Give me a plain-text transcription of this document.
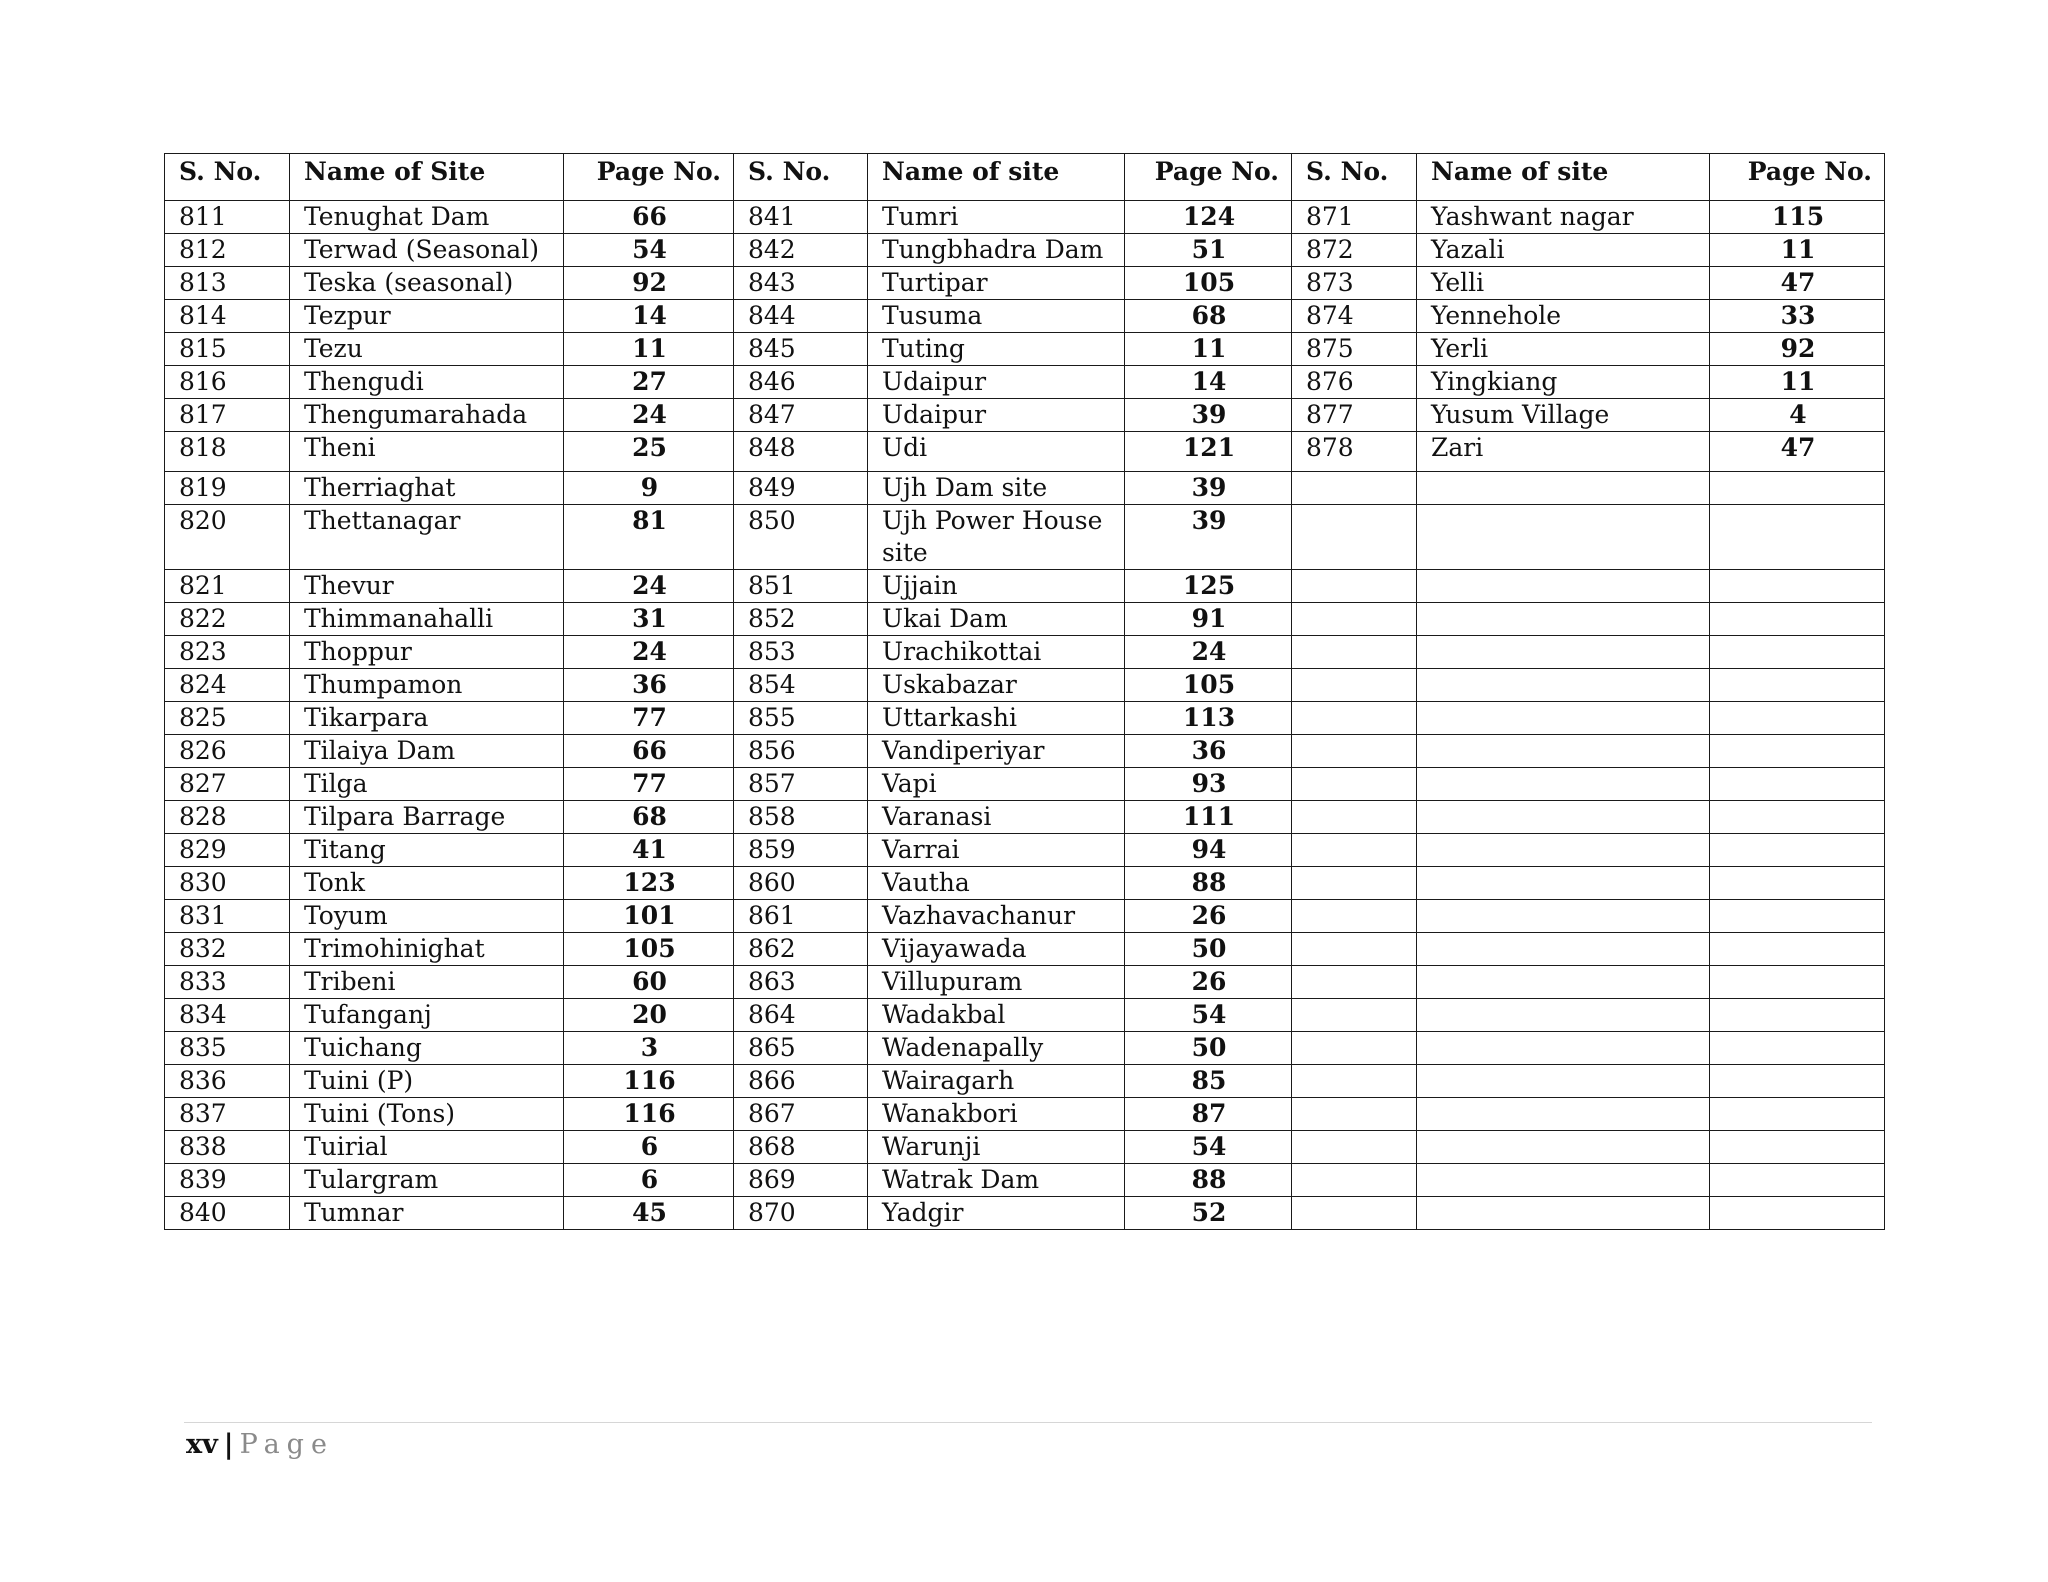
S. No.	Name of Site	Page No.	S. No.	Name of site	Page No.	S. No.	Name of site	Page No.
811	Tenughat Dam	66	841	Tumri	124	871	Yashwant nagar	115
812	Terwad (Seasonal)	54	842	Tungbhadra Dam	51	872	Yazali	11
813	Teska (seasonal)	92	843	Turtipar	105	873	Yelli	47
814	Tezpur	14	844	Tusuma	68	874	Yennehole	33
815	Tezu	11	845	Tuting	11	875	Yerli	92
816	Thengudi	27	846	Udaipur	14	876	Yingkiang	11
817	Thengumarahada	24	847	Udaipur	39	877	Yusum Village	4
818	Theni	25	848	Udi	121	878	Zari	47
819	Therriaghat	9	849	Ujh Dam site	39			
820	Thettanagar	81	850	Ujh Power House site	39			
821	Thevur	24	851	Ujjain	125			
822	Thimmanahalli	31	852	Ukai Dam	91			
823	Thoppur	24	853	Urachikottai	24			
824	Thumpamon	36	854	Uskabazar	105			
825	Tikarpara	77	855	Uttarkashi	113			
826	Tilaiya Dam	66	856	Vandiperiyar	36			
827	Tilga	77	857	Vapi	93			
828	Tilpara Barrage	68	858	Varanasi	111			
829	Titang	41	859	Varrai	94			
830	Tonk	123	860	Vautha	88			
831	Toyum	101	861	Vazhavachanur	26			
832	Trimohinighat	105	862	Vijayawada	50			
833	Tribeni	60	863	Villupuram	26			
834	Tufanganj	20	864	Wadakbal	54			
835	Tuichang	3	865	Wadenapally	50			
836	Tuini (P)	116	866	Wairagarh	85			
837	Tuini (Tons)	116	867	Wanakbori	87			
838	Tuirial	6	868	Warunji	54			
839	Tulargram	6	869	Watrak Dam	88			
840	Tumnar	45	870	Yadgir	52			
xv | Page
